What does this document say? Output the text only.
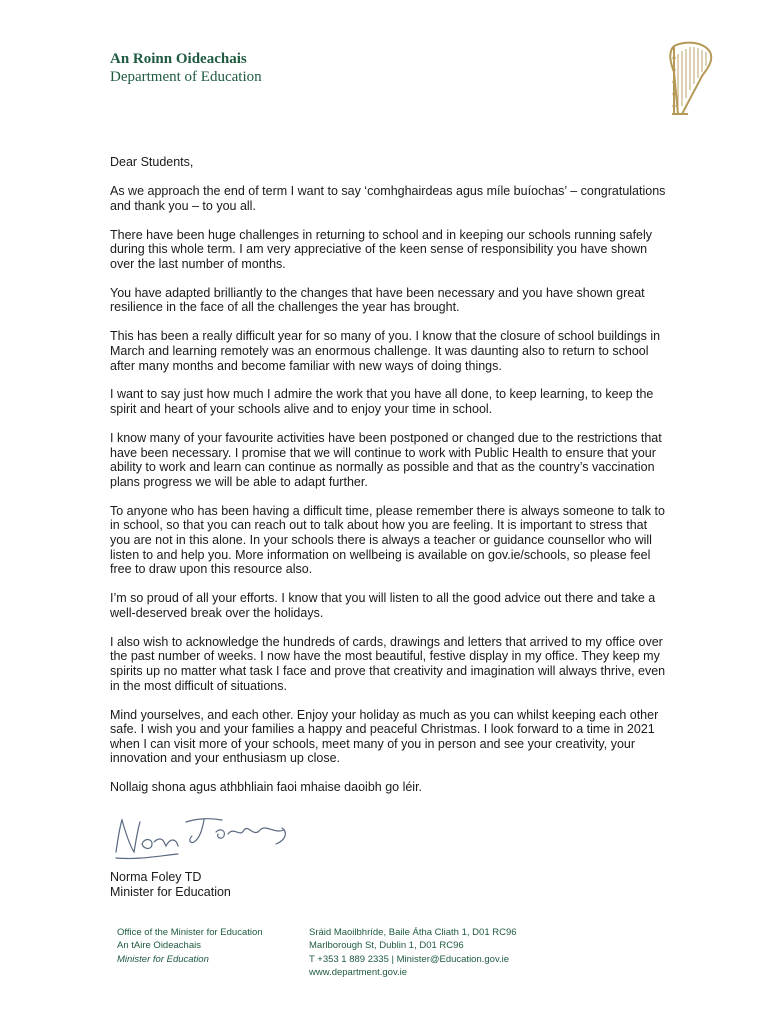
An Roinn Oideachais
Department of Education

Dear Students,

As we approach the end of term I want to say ‘comhghairdeas agus míle buíochas’ – congratulations and thank you – to you all.

There have been huge challenges in returning to school and in keeping our schools running safely during this whole term. I am very appreciative of the keen sense of responsibility you have shown over the last number of months.

You have adapted brilliantly to the changes that have been necessary and you have shown great resilience in the face of all the challenges the year has brought.

This has been a really difficult year for so many of you. I know that the closure of school buildings in March and learning remotely was an enormous challenge. It was daunting also to return to school after many months and become familiar with new ways of doing things.

I want to say just how much I admire the work that you have all done, to keep learning, to keep the spirit and heart of your schools alive and to enjoy your time in school.

I know many of your favourite activities have been postponed or changed due to the restrictions that have been necessary. I promise that we will continue to work with Public Health to ensure that your ability to work and learn can continue as normally as possible and that as the country’s vaccination plans progress we will be able to adapt further.

To anyone who has been having a difficult time, please remember there is always someone to talk to in school, so that you can reach out to talk about how you are feeling. It is important to stress that you are not in this alone. In your schools there is always a teacher or guidance counsellor who will listen to and help you. More information on wellbeing is available on gov.ie/schools, so please feel free to draw upon this resource also.

I’m so proud of all your efforts. I know that you will listen to all the good advice out there and take a well-deserved break over the holidays.

I also wish to acknowledge the hundreds of cards, drawings and letters that arrived to my office over the past number of weeks. I now have the most beautiful, festive display in my office. They keep my spirits up no matter what task I face and prove that creativity and imagination will always thrive, even in the most difficult of situations.

Mind yourselves, and each other. Enjoy your holiday as much as you can whilst keeping each other safe. I wish you and your families a happy and peaceful Christmas. I look forward to a time in 2021 when I can visit more of your schools, meet many of you in person and see your creativity, your innovation and your enthusiasm up close.

Nollaig shona agus athbhliain faoi mhaise daoibh go léir.

Norma Foley TD
Minister for Education
Office of the Minister for Education
An tAire Oideachais
Minister for Education
Sráid Maoilbhríde, Baile Átha Cliath 1, D01 RC96
Marlborough St, Dublin 1, D01 RC96
T +353 1 889 2335 | Minister@Education.gov.ie
www.department.gov.ie
